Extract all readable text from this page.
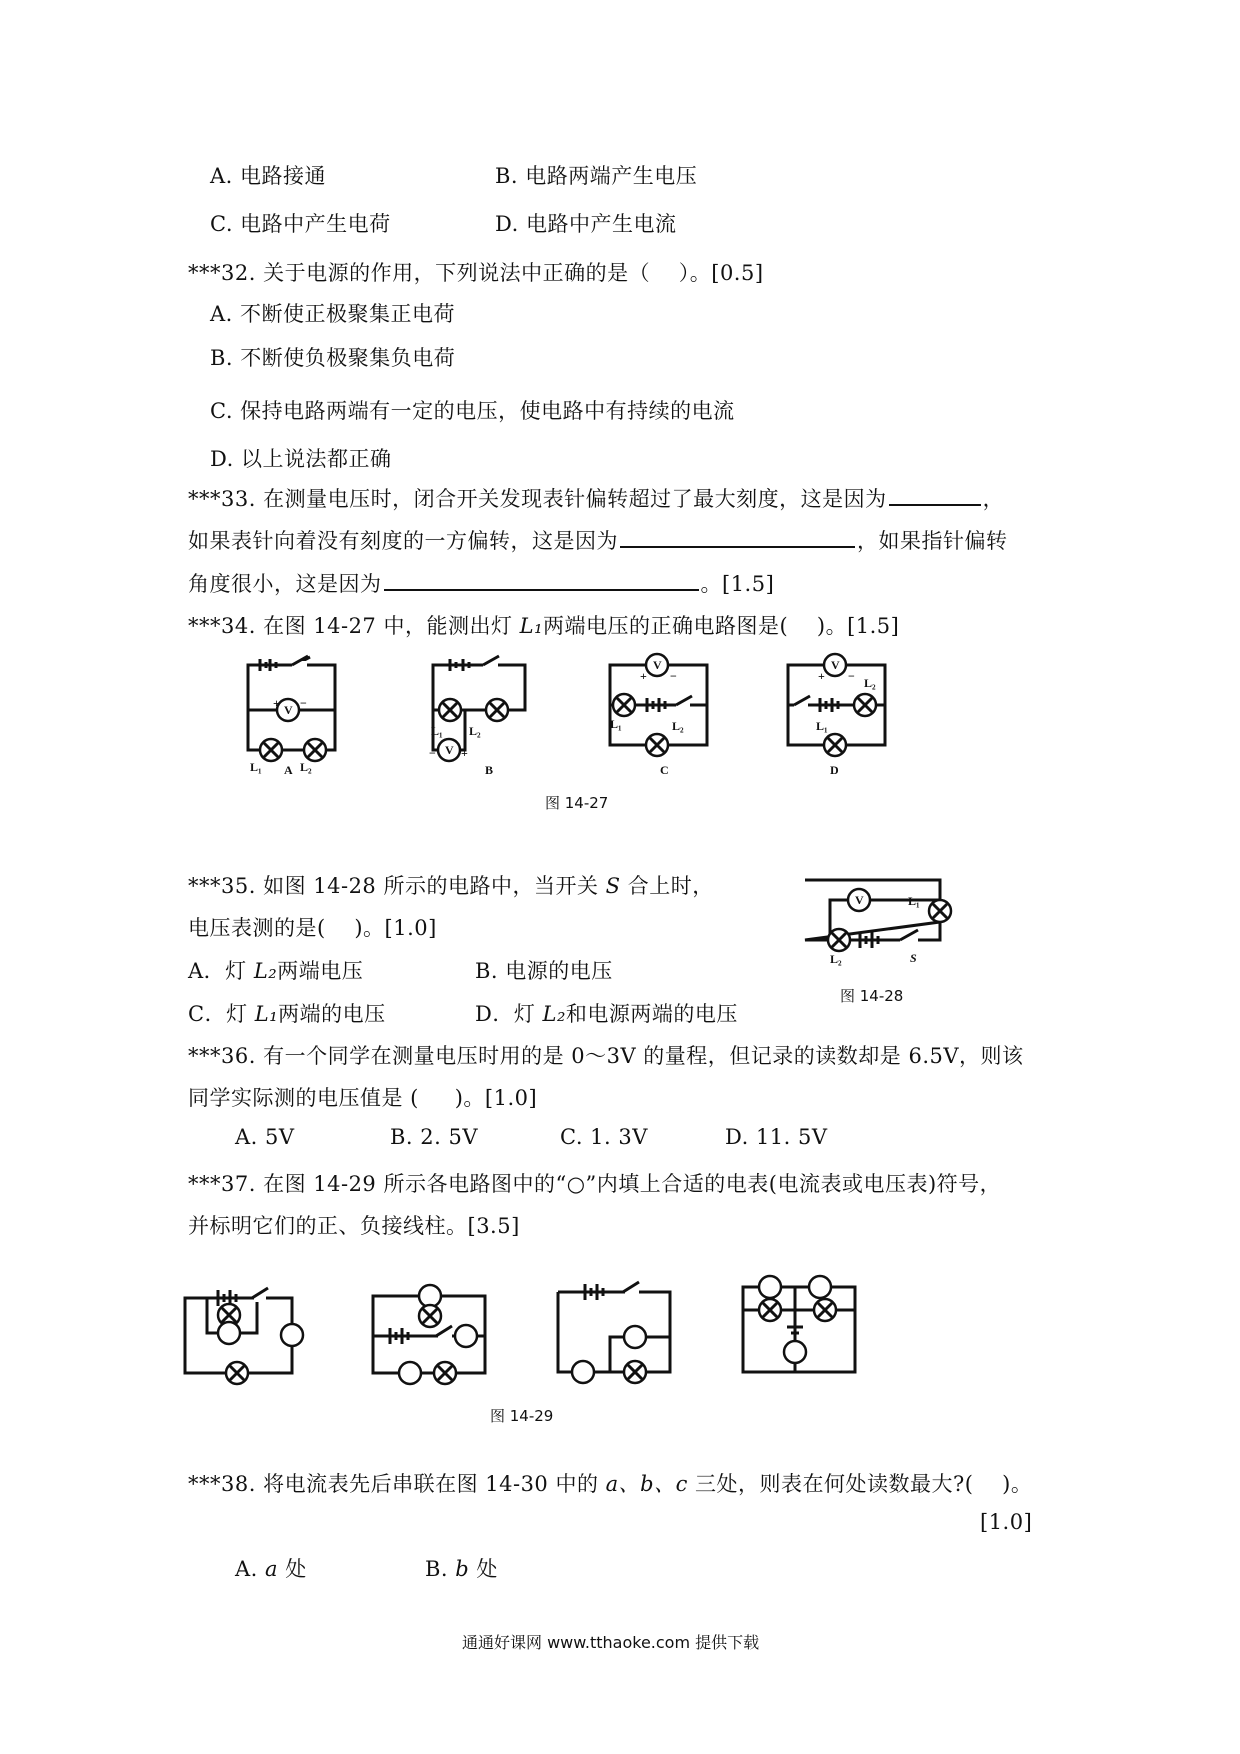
A. 电路接通	B. 电路两端产生电压
C. 电路中产生电荷	D. 电路中产生电流
***32. 关于电源的作用，下列说法中正确的是（　 ）。[0.5]
A. 不断使正极聚集正电荷
B. 不断使负极聚集负电荷
C. 保持电路两端有一定的电压，使电路中有持续的电流
D. 以上说法都正确
***33. 在测量电压时，闭合开关发现表针偏转超过了最大刻度，这是因为	，
如果表针向着没有刻度的一方偏转，这是因为	，如果指针偏转
角度很小，这是因为	。[1.5]
***34. 在图 14-27 中，能测出灯 L₁两端电压的正确电路图是(　 )。[1.5]
V
+ −
L₁	L₂
A
V
L₁ L₂
− +
B
V
+ −
L₁	L₂
C
V
+ − L₂
L₁
D
图 14-27
***35. 如图 14-28 所示的电路中，当开关 S 合上时，
电压表测的是(　 )。[1.0]
A．灯 L₂两端电压	B. 电源的电压
C．灯 L₁两端的电压	D．灯 L₂和电源两端的电压
V	L₁
L₂	S
图 14-28
***36. 有一个同学在测量电压时用的是 0～3V 的量程，但记录的读数却是 6.5V，则该
同学实际测的电压值是 ( 　 )。[1.0]
A. 5V	B. 2. 5V	C. 1. 3V	D. 11. 5V
***37. 在图 14-29 所示各电路图中的“○”内填上合适的电表(电流表或电压表)符号，
并标明它们的正、负接线柱。[3.5]
图 14-29
***38. 将电流表先后串联在图 14-30 中的 a、b、c 三处，则表在何处读数最大?(　 )。
[1.0]
A. a 处	B. b 处
通通好课网 www.tthaoke.com 提供下载
